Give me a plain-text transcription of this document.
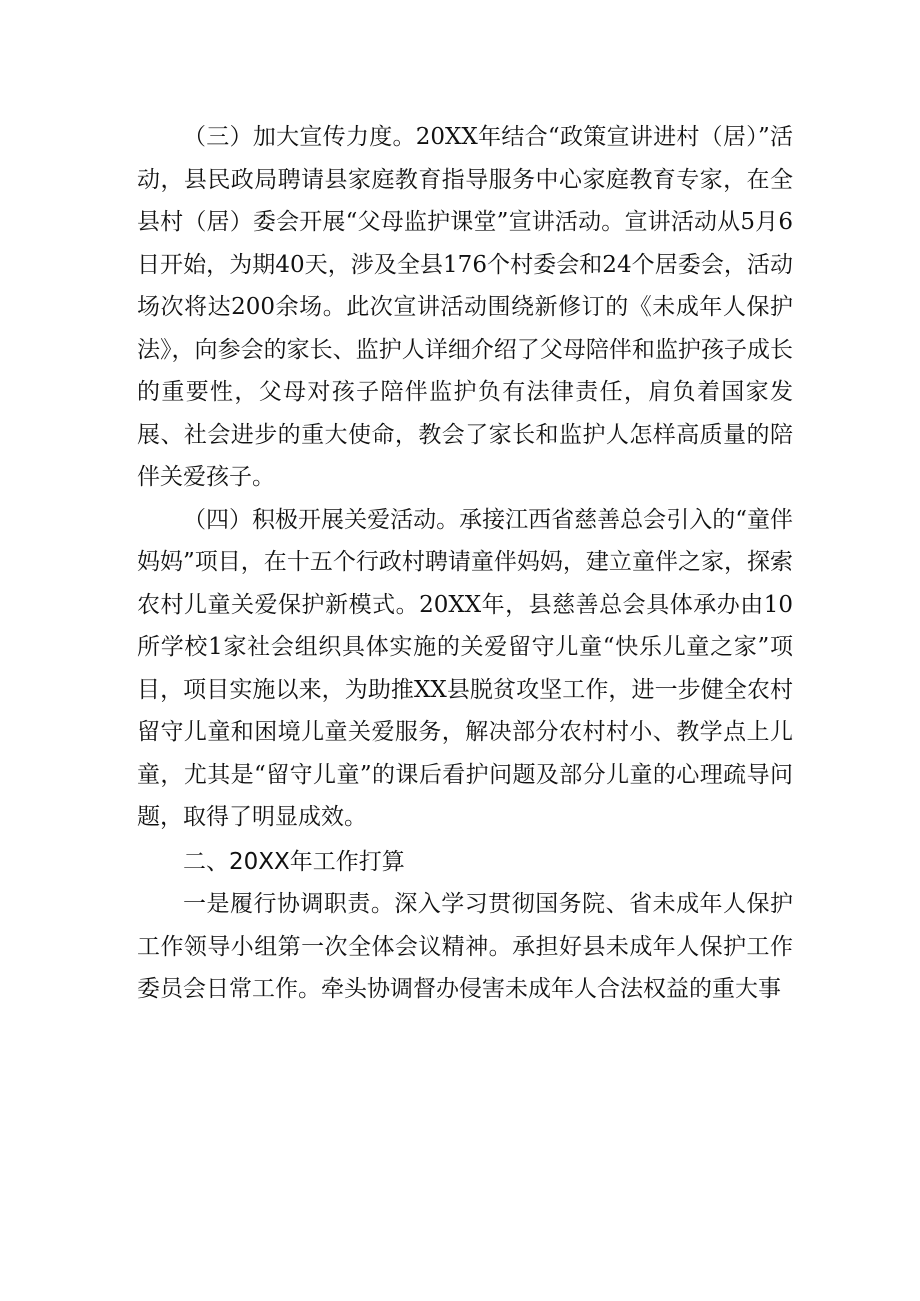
（三）加大宣传力度。20XX年结合“政策宣讲进村（居）”活动，县民政局聘请县家庭教育指导服务中心家庭教育专家，在全县村（居）委会开展“父母监护课堂”宣讲活动。宣讲活动从5月6日开始，为期40天，涉及全县176个村委会和24个居委会，活动场次将达200余场。此次宣讲活动围绕新修订的《未成年人保护法》，向参会的家长、监护人详细介绍了父母陪伴和监护孩子成长的重要性，父母对孩子陪伴监护负有法律责任，肩负着国家发展、社会进步的重大使命，教会了家长和监护人怎样高质量的陪伴关爱孩子。

（四）积极开展关爱活动。承接江西省慈善总会引入的“童伴妈妈”项目，在十五个行政村聘请童伴妈妈，建立童伴之家，探索农村儿童关爱保护新模式。20XX年，县慈善总会具体承办由10所学校1家社会组织具体实施的关爱留守儿童“快乐儿童之家”项目，项目实施以来，为助推XX县脱贫攻坚工作，进一步健全农村留守儿童和困境儿童关爱服务，解决部分农村村小、教学点上儿童，尤其是“留守儿童”的课后看护问题及部分儿童的心理疏导问题，取得了明显成效。

二、20XX年工作打算

一是履行协调职责。深入学习贯彻国务院、省未成年人保护工作领导小组第一次全体会议精神。承担好县未成年人保护工作委员会日常工作。牵头协调督办侵害未成年人合法权益的重大事
